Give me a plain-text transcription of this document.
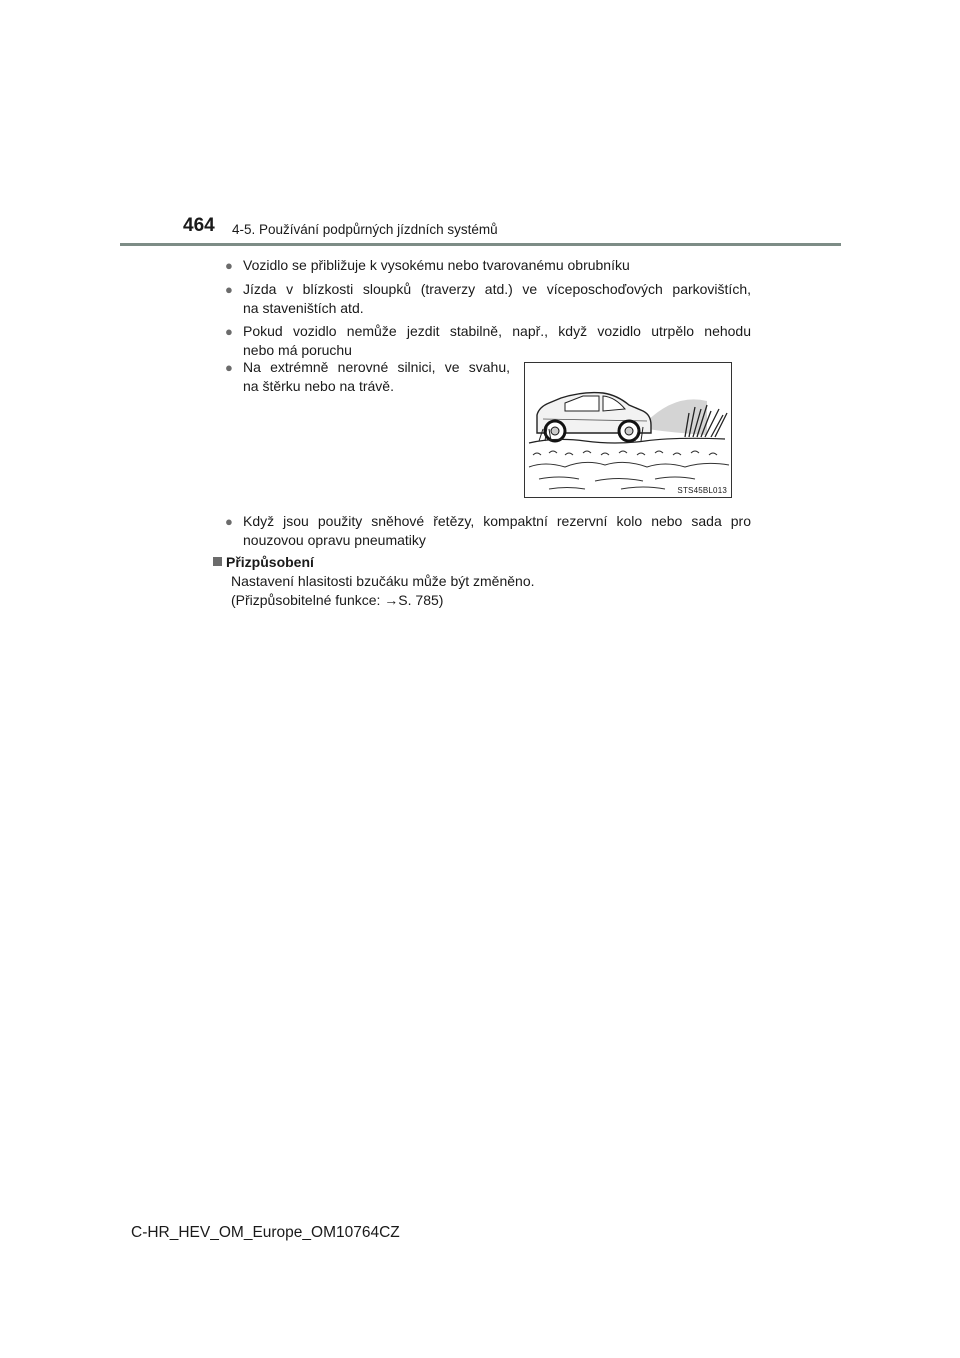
464 4-5. Používání podpůrných jízdních systémů
● Vozidlo se přibližuje k vysokému nebo tvarovanému obrubníku
● Jízda v blízkosti sloupků (traverzy atd.) ve víceposchoďových parkovištích,
na staveništích atd.
● Pokud vozidlo nemůže jezdit stabilně, např., když vozidlo utrpělo nehodu
nebo má poruchu
● Na extrémně nerovné silnici, ve svahu,
na štěrku nebo na trávě.
STS45BL013
● Když jsou použity sněhové řetězy, kompaktní rezervní kolo nebo sada pro
nouzovou opravu pneumatiky
Přizpůsobení
Nastavení hlasitosti bzučáku může být změněno.
(Přizpůsobitelné funkce: →S. 785)
C-HR_HEV_OM_Europe_OM10764CZ
